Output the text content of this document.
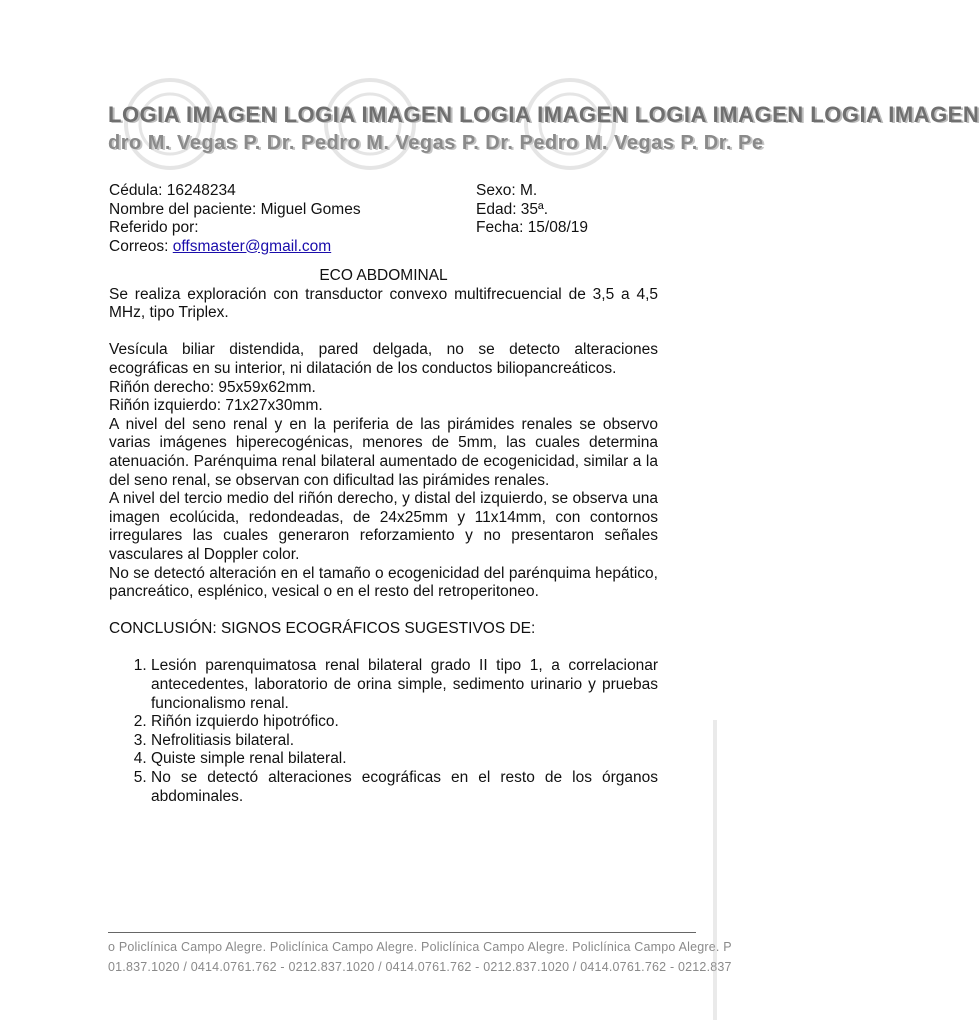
LOGIA IMAGEN LOGIA IMAGEN LOGIA IMAGEN LOGIA IMAGEN LOGIA IMAGEN
dro M. Vegas P. Dr. Pedro M. Vegas P. Dr. Pedro M. Vegas P. Dr. Pe
Cédula: 16248234
Nombre del paciente: Miguel Gomes
Referido por:
Correos: offsmaster@gmail.com
Sexo: M.
Edad: 35ª.
Fecha: 15/08/19

ECO ABDOMINAL

Se realiza exploración con transductor convexo multifrecuencial de 3,5 a 4,5 MHz, tipo Triplex.

Vesícula biliar distendida, pared delgada, no se detecto alteraciones ecográficas en su interior, ni dilatación de los conductos biliopancreáticos.

Riñón derecho: 95x59x62mm.

Riñón izquierdo: 71x27x30mm.

A nivel del seno renal y en la periferia de las pirámides renales se observo varias imágenes hiperecogénicas, menores de 5mm, las cuales determina atenuación. Parénquima renal bilateral aumentado de ecogenicidad, similar a la del seno renal, se observan con dificultad las pirámides renales.

A nivel del tercio medio del riñón derecho, y distal del izquierdo, se observa una imagen ecolúcida, redondeadas, de 24x25mm y 11x14mm, con contornos irregulares las cuales generaron reforzamiento y no presentaron señales vasculares al Doppler color.

No se detectó alteración en el tamaño o ecogenicidad del parénquima hepático, pancreático, esplénico, vesical o en el resto del retroperitoneo.

CONCLUSIÓN: SIGNOS ECOGRÁFICOS SUGESTIVOS DE:

1. Lesión parenquimatosa renal bilateral grado II tipo 1, a correlacionar antecedentes, laboratorio de orina simple, sedimento urinario y pruebas funcionalismo renal.
2. Riñón izquierdo hipotrófico.
3. Nefrolitiasis bilateral.
4. Quiste simple renal bilateral.
5. No se detectó alteraciones ecográficas en el resto de los órganos abdominales.
o Policlínica Campo Alegre. Policlínica Campo Alegre. Policlínica Campo Alegre. Policlínica Campo Alegre. P
01.837.1020 / 0414.0761.762 - 0212.837.1020 / 0414.0761.762 - 0212.837.1020 / 0414.0761.762 - 0212.837
